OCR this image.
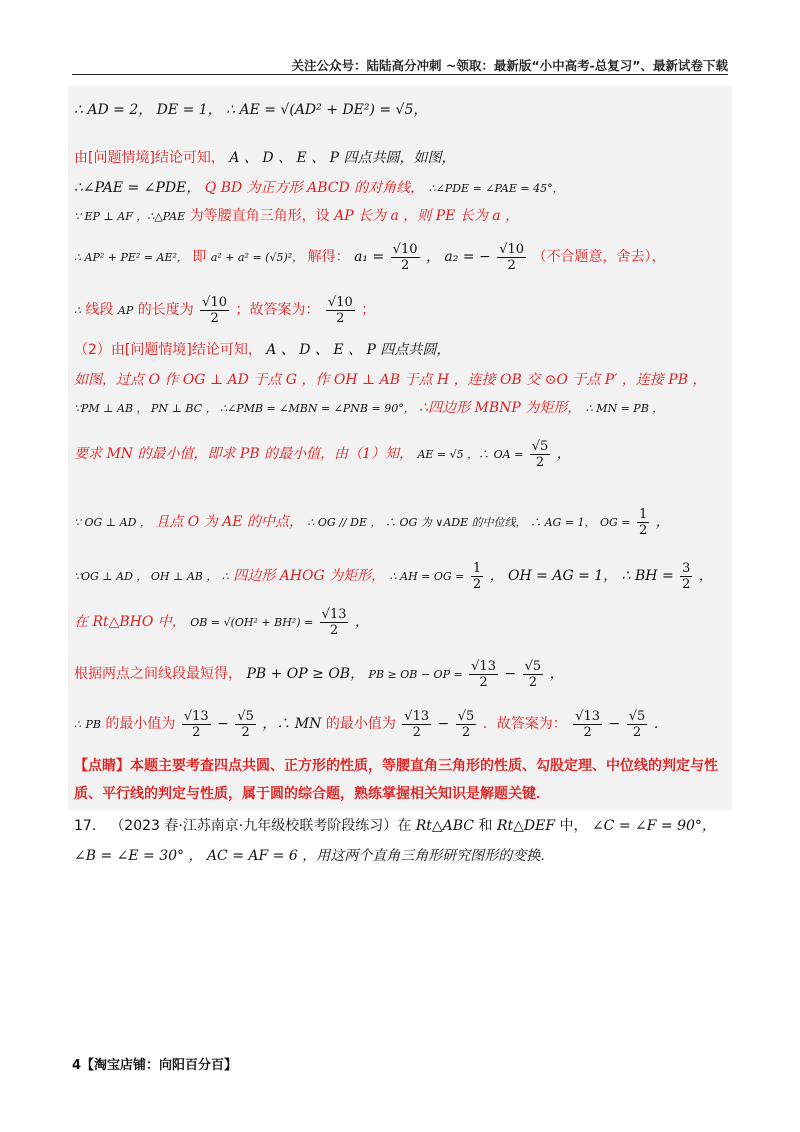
关注公众号：陆陆高分冲刺 ~领取：最新版“小中高考-总复习”、最新试卷下载
∴ AD = 2， DE = 1， ∴ AE = √(AD² + DE²) = √5，
由[问题情境]结论可知， A 、 D 、 E 、 P 四点共圆，如图，
∴∠PAE = ∠PDE， Q BD 为正方形 ABCD 的对角线， ∴∠PDE = ∠PAE = 45°，
∵ EP ⊥ AF ，∴△PAE 为等腰直角三角形，设 AP 长为 a ，则 PE 长为 a ，
∴ AP² + PE² = AE²， 即 a² + a² = (√5)²， 解得： $a_1 = \frac{√10}{2}$ ， a₂ = − $\frac{√10}{2}$ （不合题意，舍去），
∴ 线段 AP 的长度为 $\frac{√10}{2}$ ；故答案为： $\frac{√10}{2}$ ；
（2）由[问题情境]结论可知， A 、 D 、 E 、 P 四点共圆，
如图，过点 O 作 OG ⊥ AD 于点 G ，作 OH ⊥ AB 于点 H ，连接 OB 交 ⊙O 于点 P′ ，连接 PB ，
∵PM ⊥ AB ， PN ⊥ BC ， ∴∠PMB = ∠MBN = ∠PNB = 90°， ∴四边形 MBNP 为矩形， ∴ MN = PB ，
要求 MN 的最小值，即求 PB 的最小值，由（1）知， AE = √5 ，∴ OA = $\frac{√5}{2}$ ，
∵ OG ⊥ AD ， 且点 O 为 AE 的中点， ∴ OG // DE ， ∴ OG 为 ∨ADE 的中位线， ∴ AG = 1， OG = $\frac{1}{2}$ ，
∵OG ⊥ AD ， OH ⊥ AB ， ∴ 四边形 AHOG 为矩形， ∴ AH = OG = $\frac{1}{2}$ ， OH = AG = 1， ∴ BH = $\frac{3}{2}$ ，
在 Rt△BHO 中， OB = $√(OH^2 + BH^2) = \frac{√13}{2}$ ，
根据两点之间线段最短得， PB + OP ≥ OB， PB ≥ OB − OP = $\frac{√13}{2} - \frac{√5}{2}$ ，
∴ PB 的最小值为 $\frac{√13}{2} - \frac{√5}{2}$ ，∴ MN 的最小值为 $\frac{√13}{2} - \frac{√5}{2}$ ．故答案为： $\frac{√13}{2} - \frac{√5}{2}$ ．
【点睛】本题主要考查四点共圆、正方形的性质，等腰直角三角形的性质、勾股定理、中位线的判定与性质、平行线的判定与性质，属于圆的综合题，熟练掌握相关知识是解题关键．
17． （2023 春·江苏南京·九年级校联考阶段练习）在 Rt△ABC 和 Rt△DEF 中， ∠C = ∠F = 90°，
∠B = ∠E = 30° ， AC = AF = 6 ，用这两个直角三角形研究图形的变换．
4【淘宝店铺：向阳百分百】
